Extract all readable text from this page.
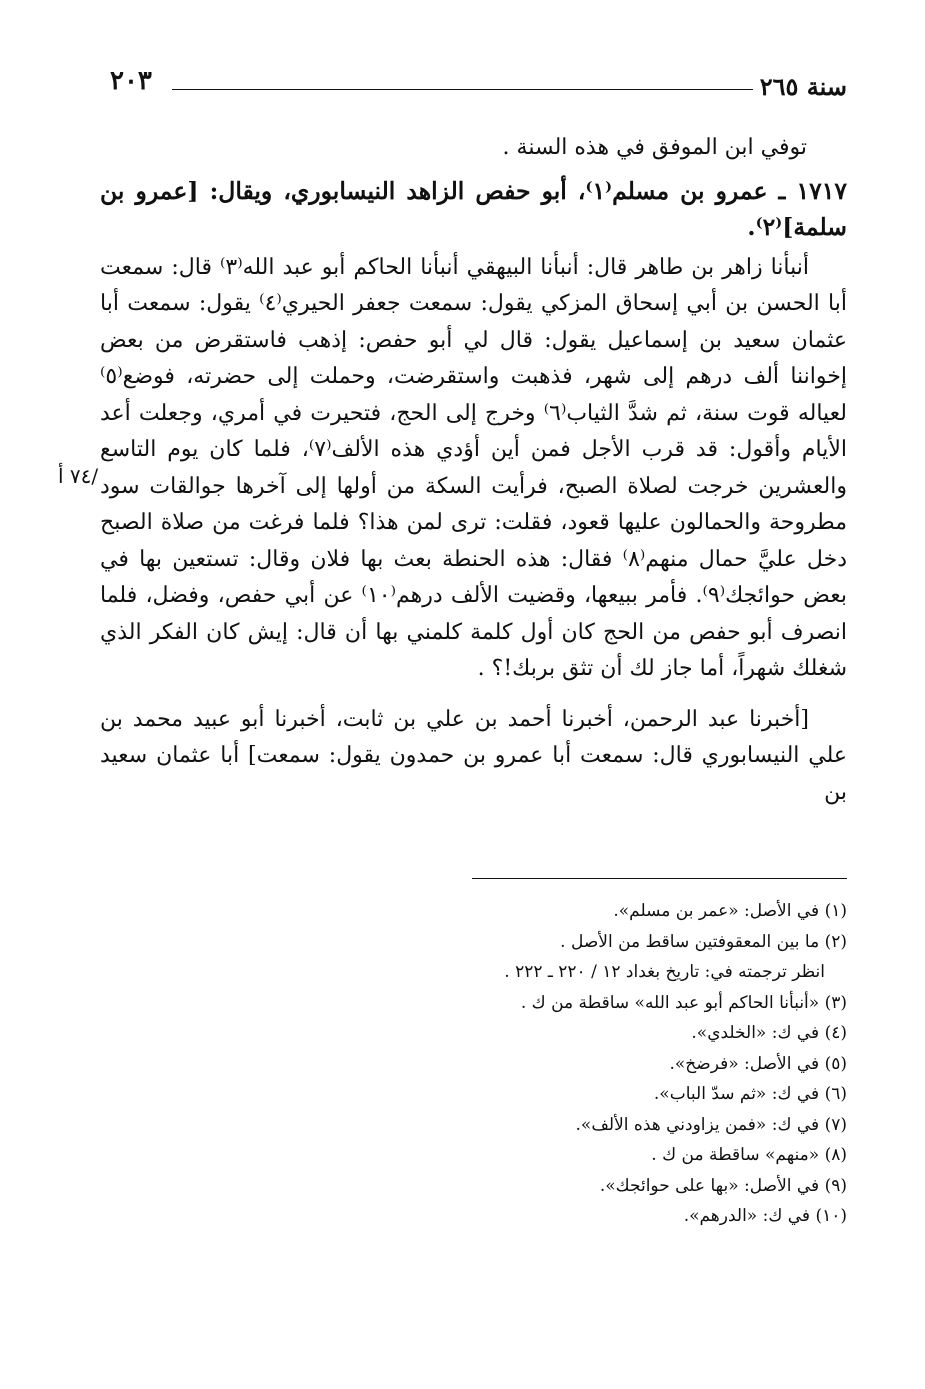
سنة ٢٦٥
٢٠٣
/٧٤ أ

توفي ابن الموفق في هذه السنة .

١٧١٧ ـ عمرو بن مسلم⁽١⁾، أبو حفص الزاهد النيسابوري، ويقال: [عمرو بن سلمة]⁽٢⁾.

أنبأنا زاهر بن طاهر قال: أنبأنا البيهقي أنبأنا الحاكم أبو عبد الله⁽٣⁾ قال: سمعت أبا الحسن بن أبي إسحاق المزكي يقول: سمعت جعفر الحيري⁽٤⁾ يقول: سمعت أبا عثمان سعيد بن إسماعيل يقول: قال لي أبو حفص: إذهب فاستقرض من بعض إخواننا ألف درهم إلى شهر، فذهبت واستقرضت، وحملت إلى حضرته، فوضع⁽٥⁾ لعياله قوت سنة، ثم شدَّ الثياب⁽٦⁾ وخرج إلى الحج، فتحيرت في أمري، وجعلت أعد الأيام وأقول: قد قرب الأجل فمن أين أؤدي هذه الألف⁽٧⁾، فلما كان يوم التاسع والعشرين خرجت لصلاة الصبح، فرأيت السكة من أولها إلى آخرها جوالقات سود مطروحة والحمالون عليها قعود، فقلت: ترى لمن هذا؟ فلما فرغت من صلاة الصبح دخل عليَّ حمال منهم⁽٨⁾ فقال: هذه الحنطة بعث بها فلان وقال: تستعين بها في بعض حوائجك⁽٩⁾. فأمر ببيعها، وقضيت الألف درهم⁽١٠⁾ عن أبي حفص، وفضل، فلما انصرف أبو حفص من الحج كان أول كلمة كلمني بها أن قال: إيش كان الفكر الذي شغلك شهراً، أما جاز لك أن تثق بربك!؟ .

[أخبرنا عبد الرحمن، أخبرنا أحمد بن علي بن ثابت، أخبرنا أبو عبيد محمد بن علي النيسابوري قال: سمعت أبا عمرو بن حمدون يقول: سمعت] أبا عثمان سعيد بن

(١) في الأصل: «عمر بن مسلم».

(٢) ما بين المعقوفتين ساقط من الأصل .

انظر ترجمته في: تاريخ بغداد ١٢ / ٢٢٠ ـ ٢٢٢ .

(٣) «أنبأنا الحاكم أبو عبد الله» ساقطة من ك .

(٤) في ك: «الخلدي».

(٥) في الأصل: «فرضخ».

(٦) في ك: «ثم سدّ الباب».

(٧) في ك: «فمن يزاودني هذه الألف».

(٨) «منهم» ساقطة من ك .

(٩) في الأصل: «بها على حوائجك».

(١٠) في ك: «الدرهم».
